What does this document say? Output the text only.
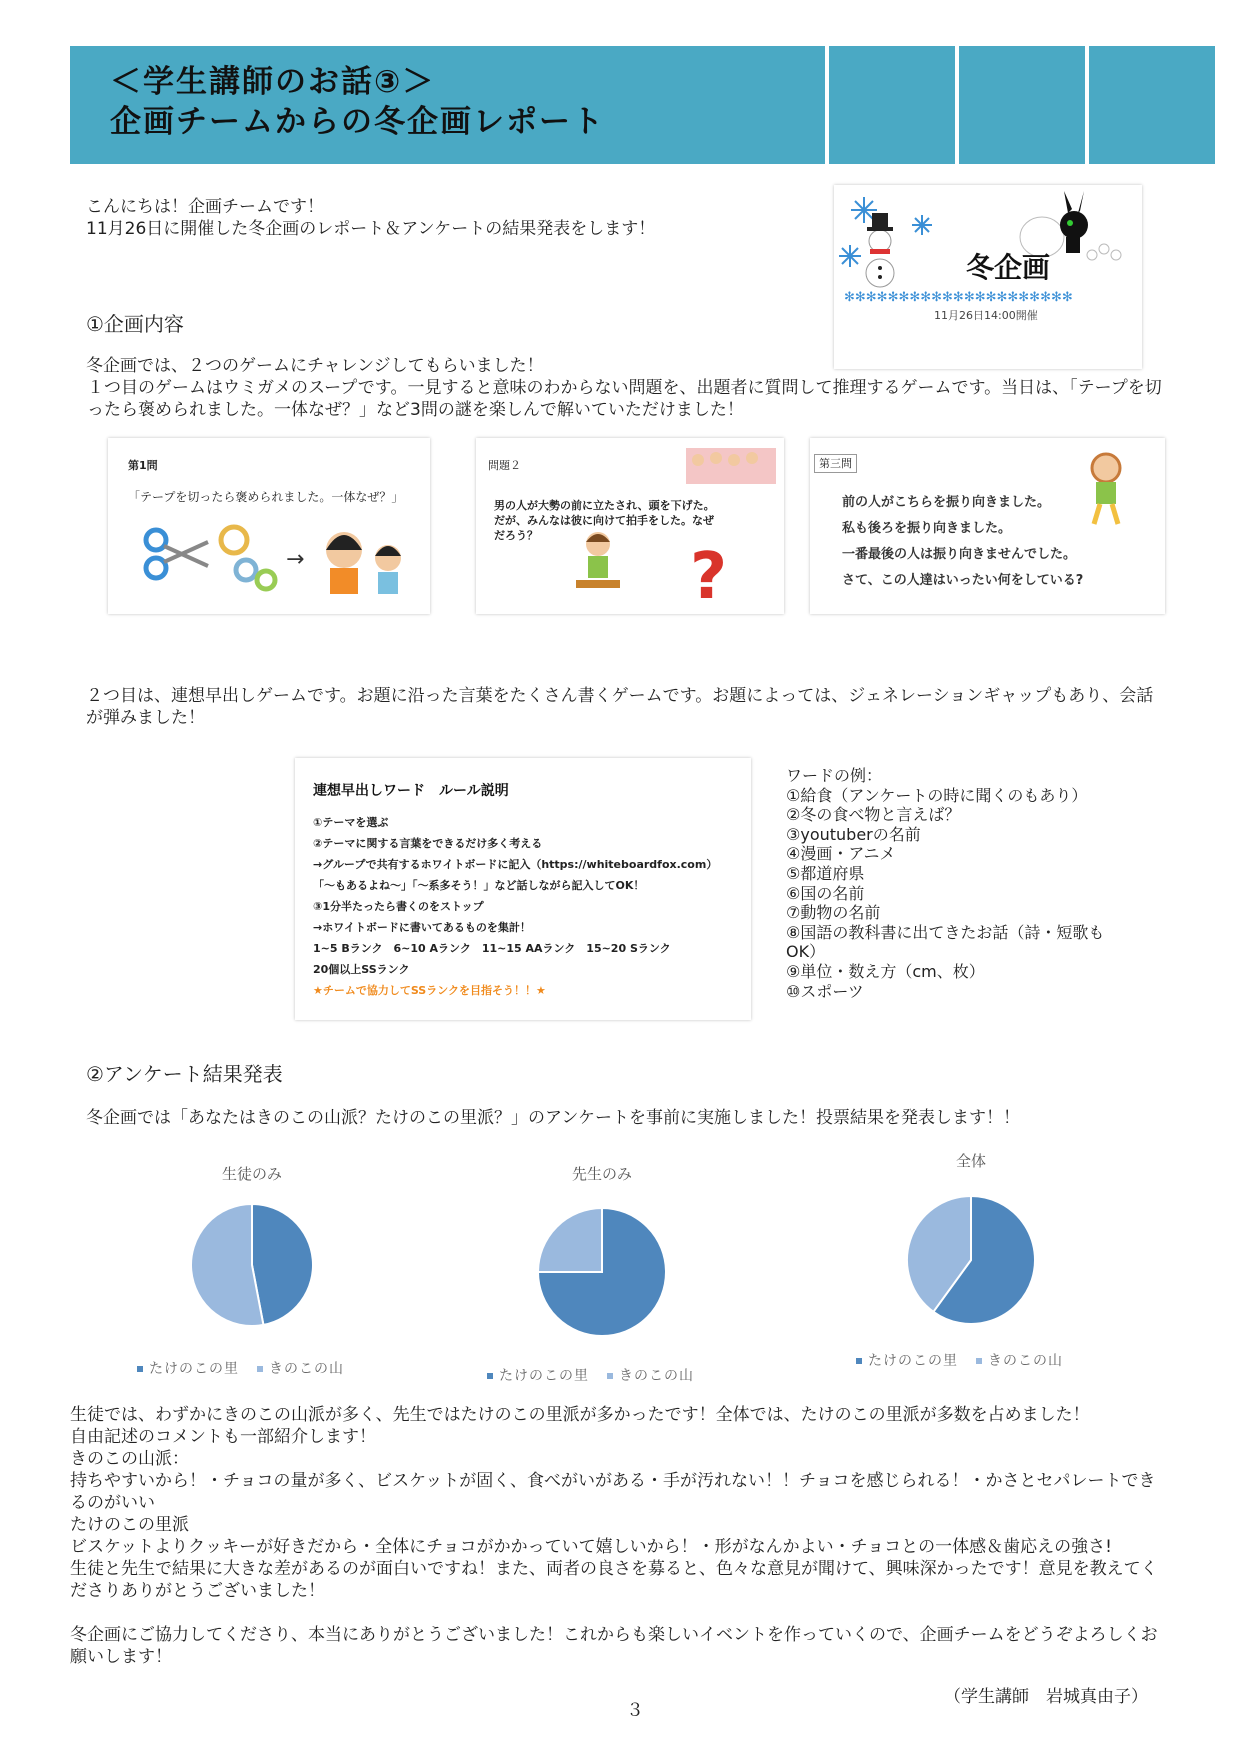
＜学生講師のお話③＞

企画チームからの冬企画レポート

こんにちは！企画チームです！
11月26日に開催した冬企画のレポート＆アンケートの結果発表をします！
冬企画
✻✻✻✻✻✻✻✻✻✻✻✻✻✻✻✻✻✻✻✻✻
11月26日14:00開催
①企画内容
冬企画では、２つのゲームにチャレンジしてもらいました！
１つ目のゲームはウミガメのスープです。一見すると意味のわからない問題を、出題者に質問して推理するゲームです。当日は、「テープを切ったら褒められました。一体なぜ？」など3問の謎を楽しんで解いていただけました！
第1問
「テープを切ったら褒められました。一体なぜ？」
→
問題２
男の人が大勢の前に立たされ、頭を下げた。だが、みんなは彼に向けて拍手をした。なぜだろう？
?
第三問
前の人がこちらを振り向きました。
私も後ろを振り向きました。
一番最後の人は振り向きませんでした。
さて、この人達はいったい何をしている?
２つ目は、連想早出しゲームです。お題に沿った言葉をたくさん書くゲームです。お題によっては、ジェネレーションギャップもあり、会話が弾みました！
連想早出しワード　ルール説明
①テーマを選ぶ
②テーマに関する言葉をできるだけ多く考える
→グループで共有するホワイトボードに記入（https://whiteboardfox.com）
「～もあるよね～」「～系多そう！」など話しながら記入してOK！
③1分半たったら書くのをストップ
→ホワイトボードに書いてあるものを集計！
1~5 Bランク　6~10 Aランク　11~15 AAランク　15~20 Sランク
20個以上SSランク
★チームで協力してSSランクを目指そう！！★

ワードの例：

①給食（アンケートの時に聞くのもあり）

②冬の食べ物と言えば？

③youtuberの名前

④漫画・アニメ

⑤都道府県

⑥国の名前

⑦動物の名前

⑧国語の教科書に出てきたお話（詩・短歌も

OK）

⑨単位・数え方（cm、枚）

⑩スポーツ

②アンケート結果発表
冬企画では「あなたはきのこの山派？たけのこの里派？」のアンケートを事前に実施しました！投票結果を発表します！！
生徒のみ
たけのこの里 きのこの山
先生のみ
たけのこの里 きのこの山
全体
たけのこの里 きのこの山
生徒では、わずかにきのこの山派が多く、先生ではたけのこの里派が多かったです！全体では、たけのこの里派が多数を占めました！
自由記述のコメントも一部紹介します！
きのこの山派：
持ちやすいから！・チョコの量が多く、ビスケットが固く、食べがいがある・手が汚れない！！チョコを感じられる！・かさとセパレートできるのがいい
たけのこの里派
ビスケットよりクッキーが好きだから・全体にチョコがかかっていて嬉しいから！・形がなんかよい・チョコとの一体感＆歯応えの強さ!
生徒と先生で結果に大きな差があるのが面白いですね！また、両者の良さを募ると、色々な意見が聞けて、興味深かったです！意見を教えてくださりありがとうございました！
冬企画にご協力してくださり、本当にありがとうございました！これからも楽しいイベントを作っていくので、企画チームをどうぞよろしくお願いします！
（学生講師　岩城真由子）
３
